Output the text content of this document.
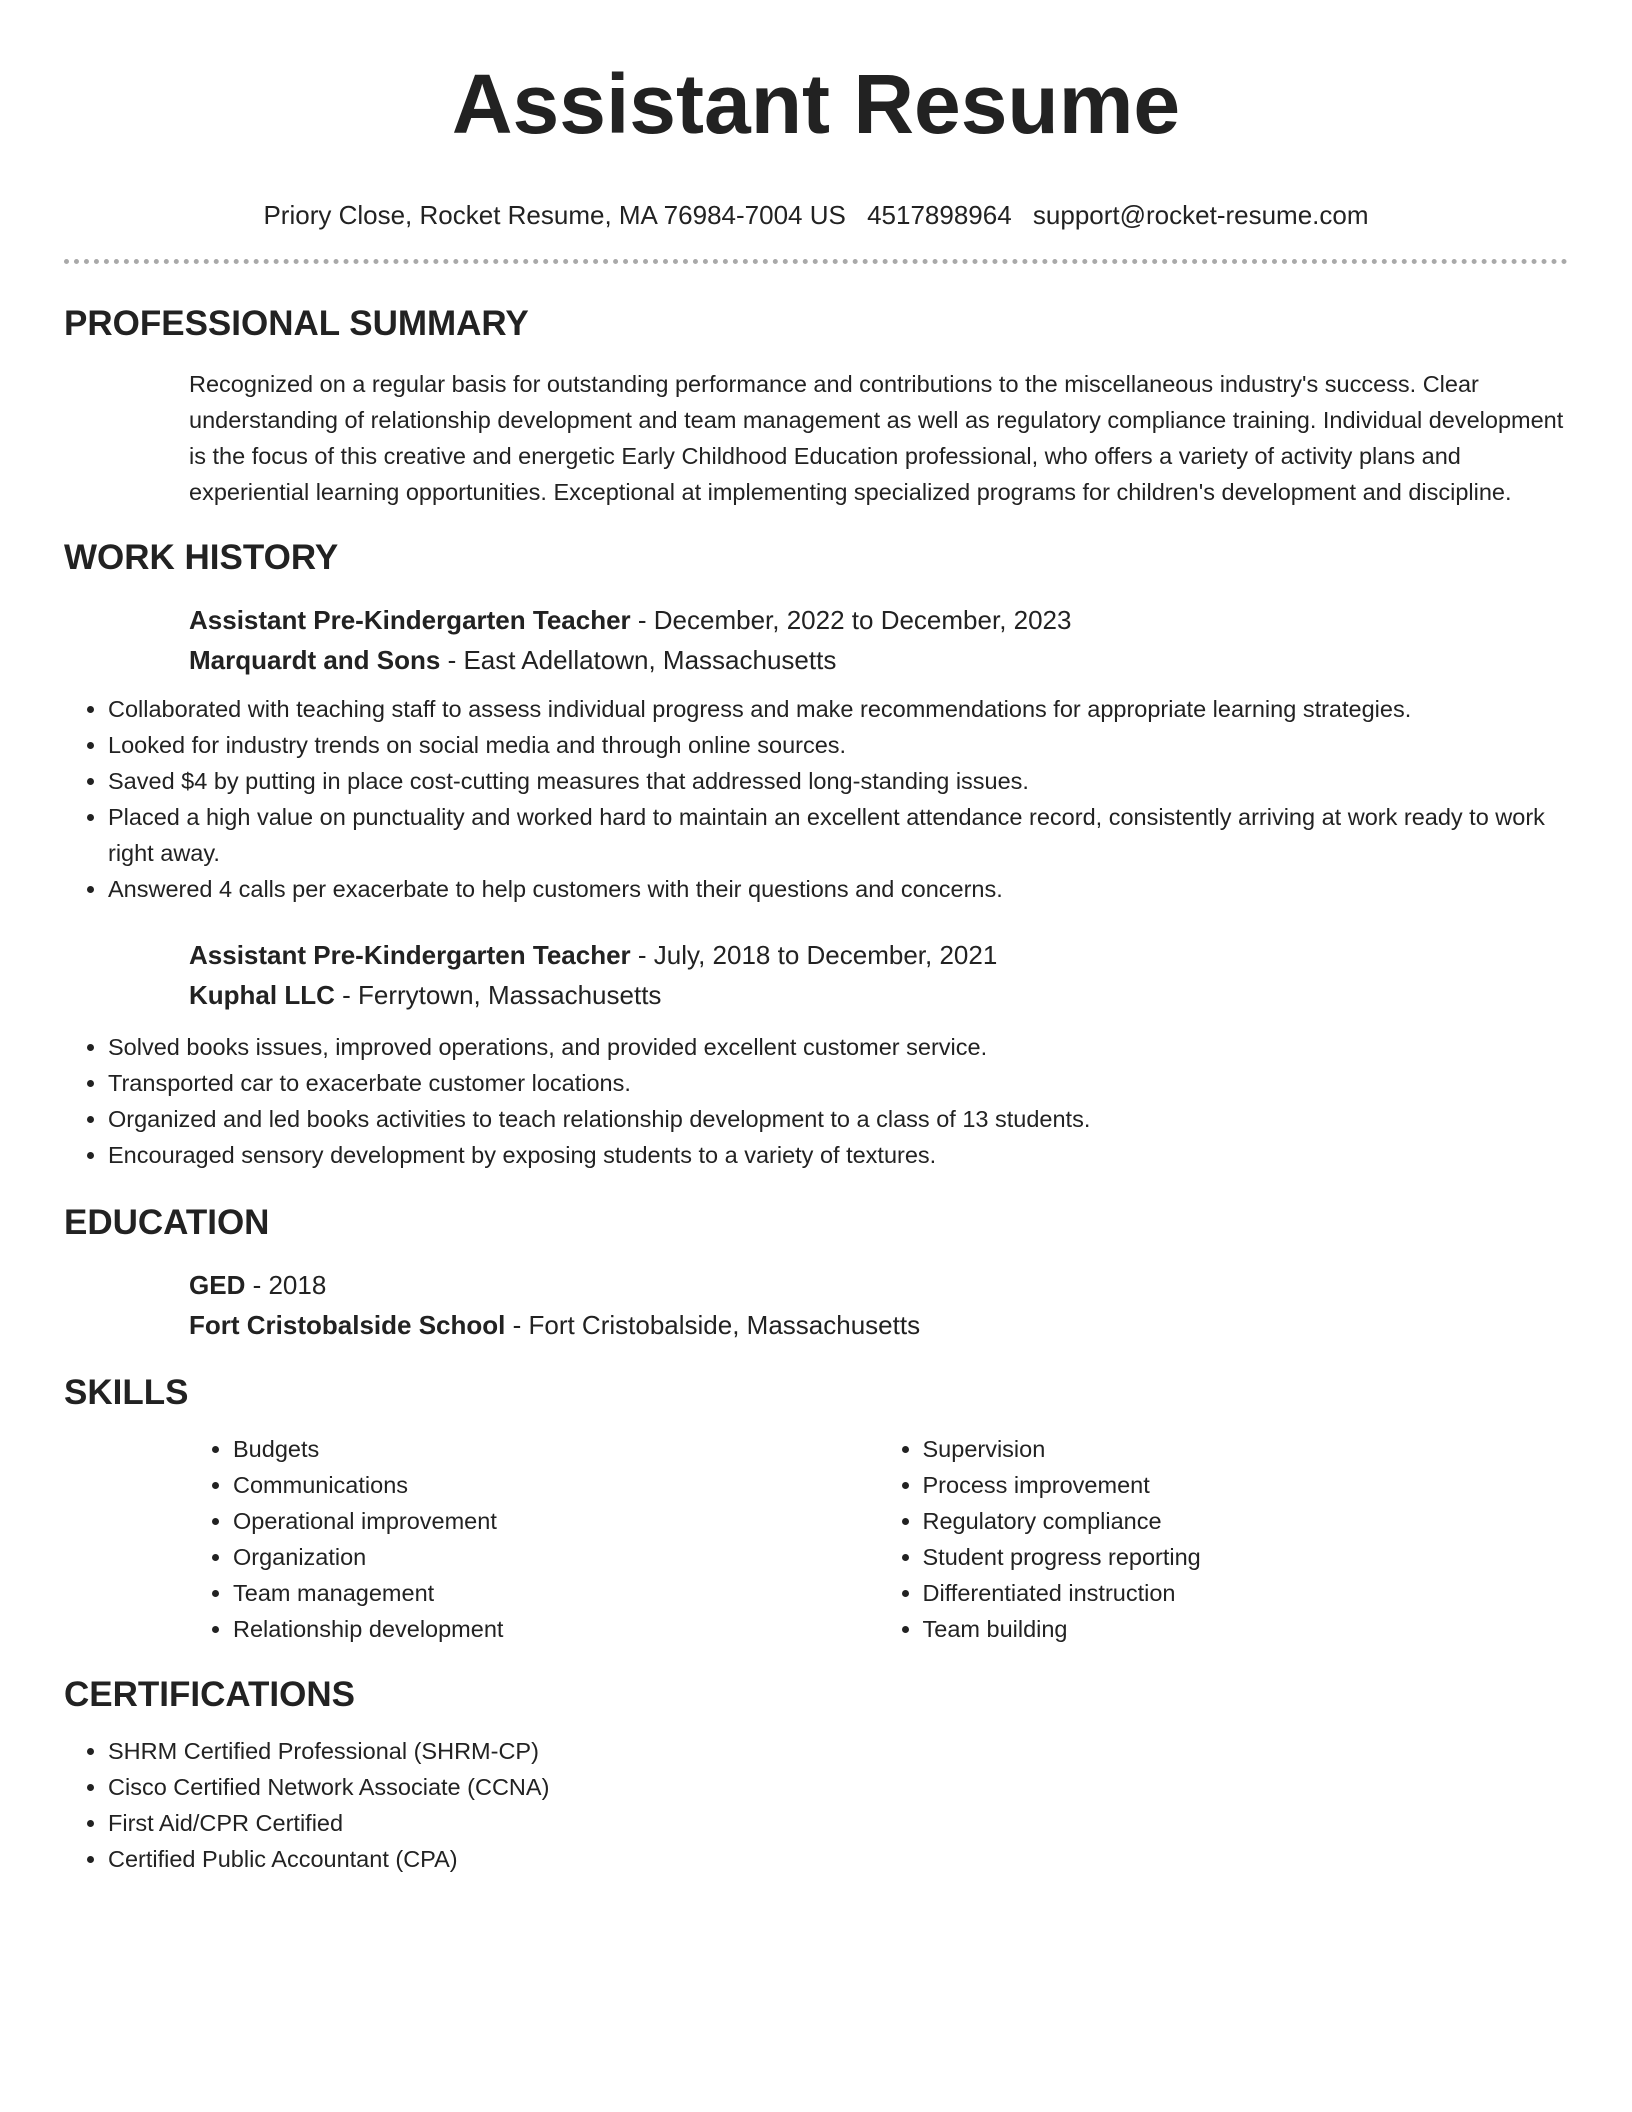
Assistant Resume
Priory Close, Rocket Resume, MA 76984-7004 US 4517898964 support@rocket-resume.com
PROFESSIONAL SUMMARY
Recognized on a regular basis for outstanding performance and contributions to the miscellaneous industry's success. Clear understanding of relationship development and team management as well as regulatory compliance training. Individual development is the focus of this creative and energetic Early Childhood Education professional, who offers a variety of activity plans and experiential learning opportunities. Exceptional at implementing specialized programs for children's development and discipline.
WORK HISTORY
Assistant Pre-Kindergarten Teacher - December, 2022 to December, 2023
Marquardt and Sons - East Adellatown, Massachusetts
• Collaborated with teaching staff to assess individual progress and make recommendations for appropriate learning strategies.
• Looked for industry trends on social media and through online sources.
• Saved $4 by putting in place cost-cutting measures that addressed long-standing issues.
• Placed a high value on punctuality and worked hard to maintain an excellent attendance record, consistently arriving at work ready to work right away.
• Answered 4 calls per exacerbate to help customers with their questions and concerns.
Assistant Pre-Kindergarten Teacher - July, 2018 to December, 2021
Kuphal LLC - Ferrytown, Massachusetts
• Solved books issues, improved operations, and provided excellent customer service.
• Transported car to exacerbate customer locations.
• Organized and led books activities to teach relationship development to a class of 13 students.
• Encouraged sensory development by exposing students to a variety of textures.
EDUCATION
GED - 2018
Fort Cristobalside School - Fort Cristobalside, Massachusetts
SKILLS
• Budgets
• Communications
• Operational improvement
• Organization
• Team management
• Relationship development
• Supervision
• Process improvement
• Regulatory compliance
• Student progress reporting
• Differentiated instruction
• Team building
CERTIFICATIONS
• SHRM Certified Professional (SHRM-CP)
• Cisco Certified Network Associate (CCNA)
• First Aid/CPR Certified
• Certified Public Accountant (CPA)
